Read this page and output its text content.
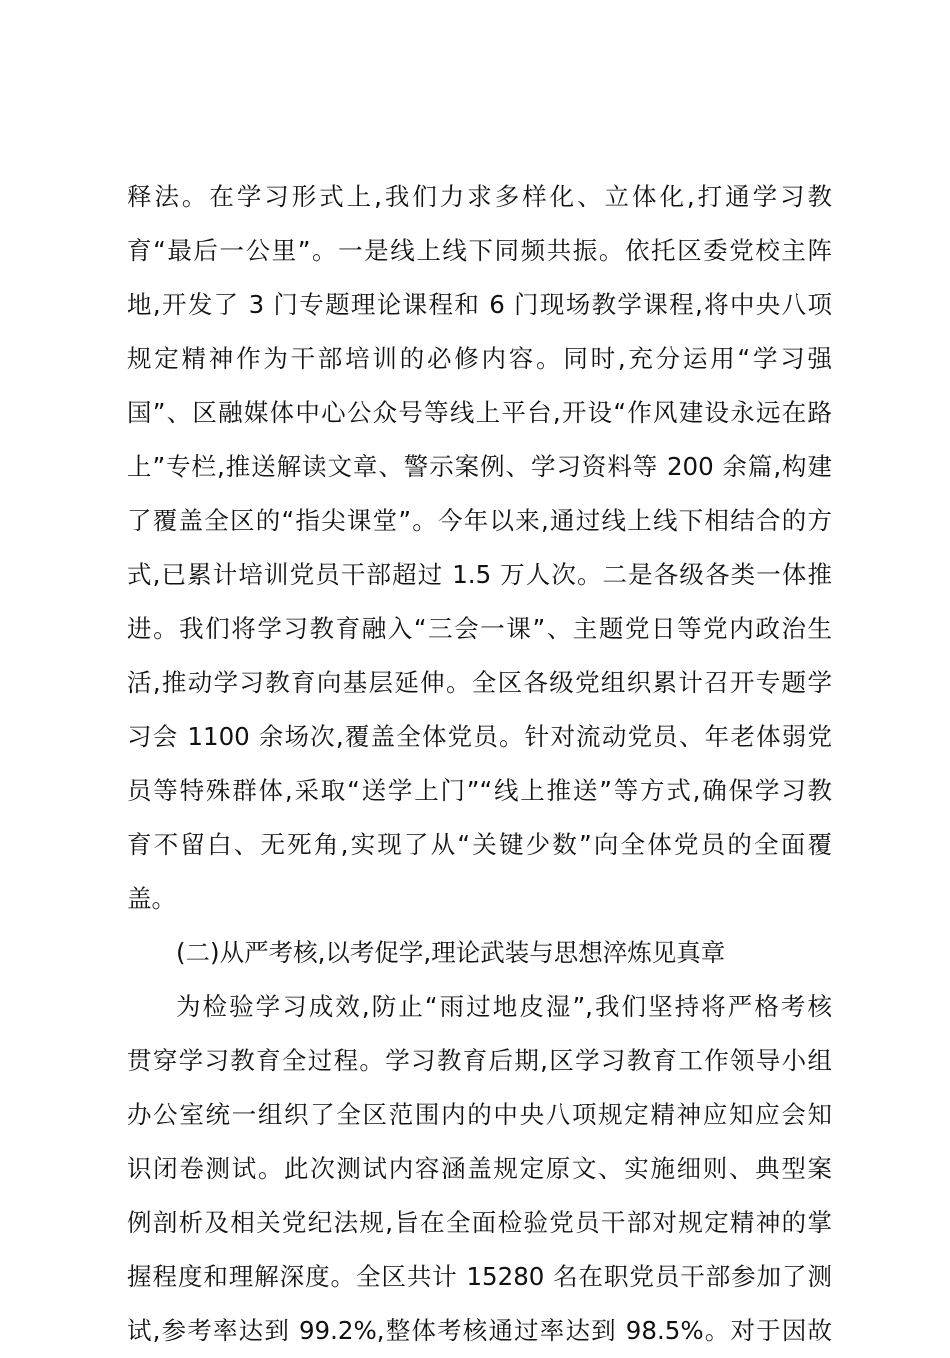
释法。在学习形式上,我们力求多样化、立体化,打通学习教
育“最后一公里”。一是线上线下同频共振。依托区委党校主阵
地,开发了 3 门专题理论课程和 6 门现场教学课程,将中央八项
规定精神作为干部培训的必修内容。同时,充分运用“学习强
国”、区融媒体中心公众号等线上平台,开设“作风建设永远在路
上”专栏,推送解读文章、警示案例、学习资料等 200 余篇,构建
了覆盖全区的“指尖课堂”。今年以来,通过线上线下相结合的方
式,已累计培训党员干部超过 1.5 万人次。二是各级各类一体推
进。我们将学习教育融入“三会一课”、主题党日等党内政治生
活,推动学习教育向基层延伸。全区各级党组织累计召开专题学
习会 1100 余场次,覆盖全体党员。针对流动党员、年老体弱党
员等特殊群体,采取“送学上门”“线上推送”等方式,确保学习教
育不留白、无死角,实现了从“关键少数”向全体党员的全面覆
盖。
(二)从严考核,以考促学,理论武装与思想淬炼见真章
为检验学习成效,防止“雨过地皮湿”,我们坚持将严格考核
贯穿学习教育全过程。学习教育后期,区学习教育工作领导小组
办公室统一组织了全区范围内的中央八项规定精神应知应会知
识闭卷测试。此次测试内容涵盖规定原文、实施细则、典型案
例剖析及相关党纪法规,旨在全面检验党员干部对规定精神的掌
握程度和理解深度。全区共计 15280 名在职党员干部参加了测
试,参考率达到 99.2%,整体考核通过率达到 98.5%。对于因故
